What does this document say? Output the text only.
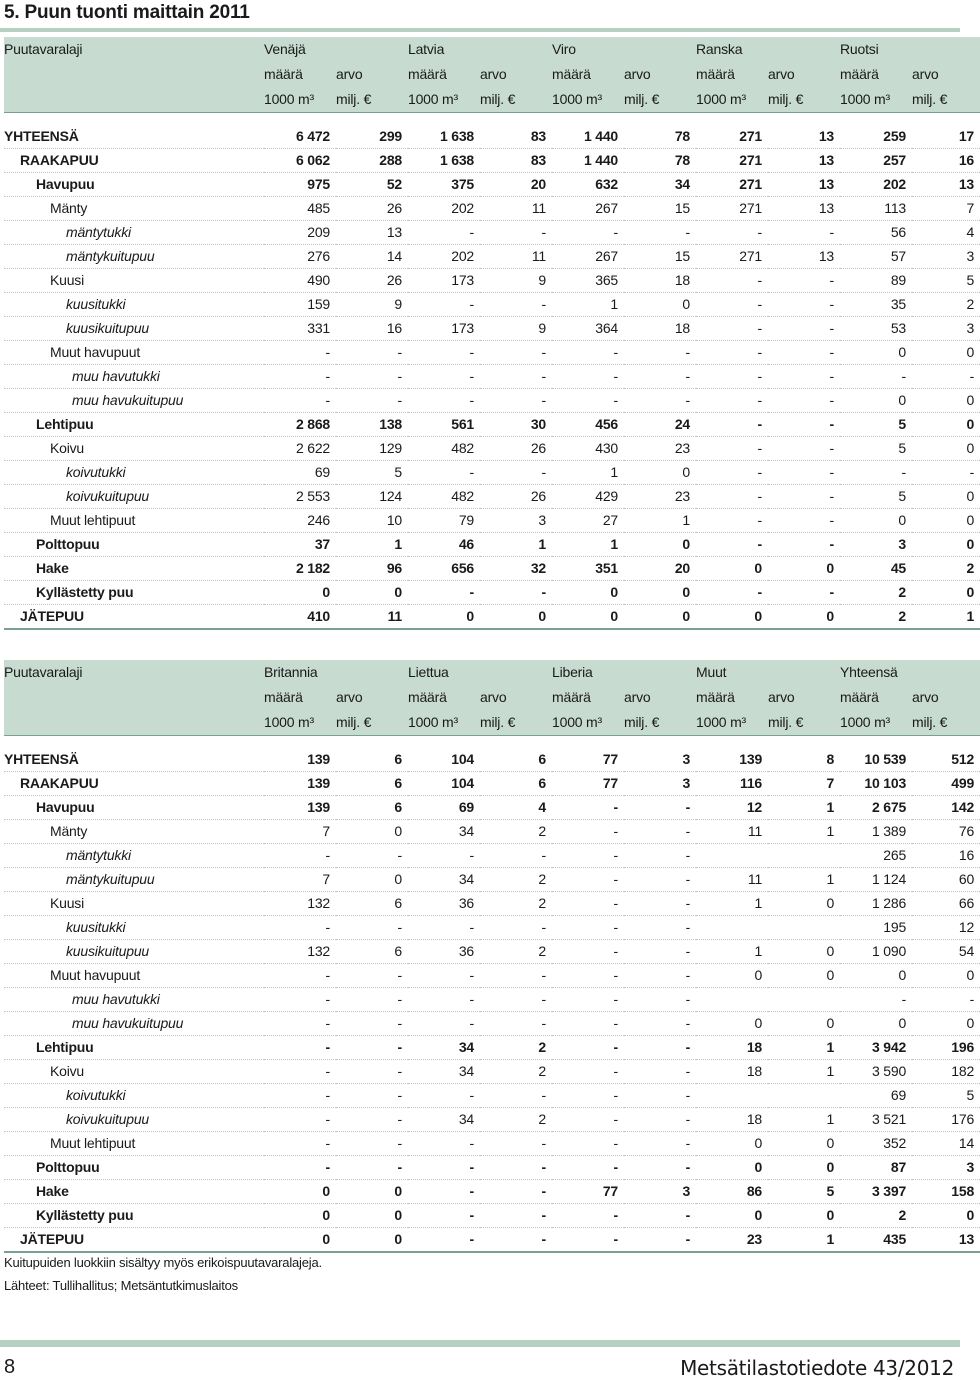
5. Puun tuonti maittain 2011
Puutavaralaji	Venäjä		Latvia		Viro		Ranska		Ruotsi	
	määrä	arvo	määrä	arvo	määrä	arvo	määrä	arvo	määrä	arvo
	1000 m³	milj. €	1000 m³	milj. €	1000 m³	milj. €	1000 m³	milj. €	1000 m³	milj. €

YHTEENSÄ	6 472	299	1 638	83	1 440	78	271	13	259	17
RAAKAPUU	6 062	288	1 638	83	1 440	78	271	13	257	16
Havupuu	975	52	375	20	632	34	271	13	202	13
Mänty	485	26	202	11	267	15	271	13	113	7
mäntytukki	209	13	-	-	-	-	-	-	56	4
mäntykuitupuu	276	14	202	11	267	15	271	13	57	3
Kuusi	490	26	173	9	365	18	-	-	89	5
kuusitukki	159	9	-	-	1	0	-	-	35	2
kuusikuitupuu	331	16	173	9	364	18	-	-	53	3
Muut havupuut	-	-	-	-	-	-	-	-	0	0
muu havutukki	-	-	-	-	-	-	-	-	-	-
muu havukuitupuu	-	-	-	-	-	-	-	-	0	0
Lehtipuu	2 868	138	561	30	456	24	-	-	5	0
Koivu	2 622	129	482	26	430	23	-	-	5	0
koivutukki	69	5	-	-	1	0	-	-	-	-
koivukuitupuu	2 553	124	482	26	429	23	-	-	5	0
Muut lehtipuut	246	10	79	3	27	1	-	-	0	0
Polttopuu	37	1	46	1	1	0	-	-	3	0
Hake	2 182	96	656	32	351	20	0	0	45	2
Kyllästetty puu	0	0	-	-	0	0	-	-	2	0
JÄTEPUU	410	11	0	0	0	0	0	0	2	1
Puutavaralaji	Britannia		Liettua		Liberia		Muut		Yhteensä	
	määrä	arvo	määrä	arvo	määrä	arvo	määrä	arvo	määrä	arvo
	1000 m³	milj. €	1000 m³	milj. €	1000 m³	milj. €	1000 m³	milj. €	1000 m³	milj. €

YHTEENSÄ	139	6	104	6	77	3	139	8	10 539	512
RAAKAPUU	139	6	104	6	77	3	116	7	10 103	499
Havupuu	139	6	69	4	-	-	12	1	2 675	142
Mänty	7	0	34	2	-	-	11	1	1 389	76
mäntytukki	-	-	-	-	-	-			265	16
mäntykuitupuu	7	0	34	2	-	-	11	1	1 124	60
Kuusi	132	6	36	2	-	-	1	0	1 286	66
kuusitukki	-	-	-	-	-	-			195	12
kuusikuitupuu	132	6	36	2	-	-	1	0	1 090	54
Muut havupuut	-	-	-	-	-	-	0	0	0	0
muu havutukki	-	-	-	-	-	-			-	-
muu havukuitupuu	-	-	-	-	-	-	0	0	0	0
Lehtipuu	-	-	34	2	-	-	18	1	3 942	196
Koivu	-	-	34	2	-	-	18	1	3 590	182
koivutukki	-	-	-	-	-	-			69	5
koivukuitupuu	-	-	34	2	-	-	18	1	3 521	176
Muut lehtipuut	-	-	-	-	-	-	0	0	352	14
Polttopuu	-	-	-	-	-	-	0	0	87	3
Hake	0	0	-	-	77	3	86	5	3 397	158
Kyllästetty puu	0	0	-	-	-	-	0	0	2	0
JÄTEPUU	0	0	-	-	-	-	23	1	435	13
Kuitupuiden luokkiin sisältyy myös erikoispuutavaralajeja.
Lähteet: Tullihallitus; Metsäntutkimuslaitos
8	Metsätilastotiedote 43/2012
